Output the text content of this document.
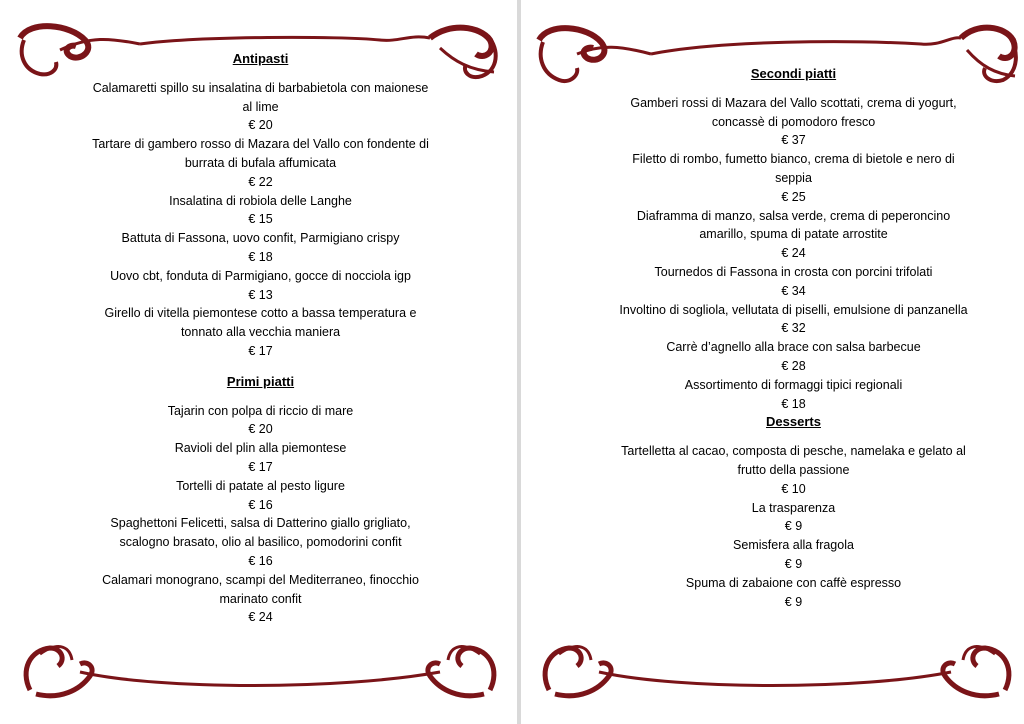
Antipasti
Calamaretti spillo su insalatina di barbabietola con maionese al lime
€ 20
Tartare di gambero rosso di Mazara del Vallo con fondente di burrata di bufala affumicata
€ 22
Insalatina di robiola delle Langhe
€ 15
Battuta di Fassona, uovo confit, Parmigiano crispy
€ 18
Uovo cbt, fonduta di Parmigiano, gocce di nocciola igp
€ 13
Girello di vitella piemontese cotto a bassa temperatura e tonnato alla vecchia maniera
€ 17
Primi piatti
Tajarin con polpa di riccio di mare
€ 20
Ravioli del plin alla piemontese
€ 17
Tortelli di patate al pesto ligure
€ 16
Spaghettoni Felicetti, salsa di Datterino giallo grigliato, scalogno brasato, olio al basilico, pomodorini confit
€ 16
Calamari monograno, scampi del Mediterraneo, finocchio marinato confit
€ 24
Secondi piatti
Gamberi rossi di Mazara del Vallo scottati, crema di yogurt, concassè di pomodoro fresco
€ 37
Filetto di rombo, fumetto bianco, crema di bietole e nero di seppia
€ 25
Diaframma di manzo, salsa verde, crema di peperoncino amarillo, spuma di patate arrostite
€ 24
Tournedos di Fassona in crosta con porcini trifolati
€ 34
Involtino di sogliola, vellutata di piselli, emulsione di panzanella
€ 32
Carrè d’agnello alla brace con salsa barbecue
€ 28
Assortimento di formaggi tipici regionali
€ 18
Desserts
Tartelletta al cacao, composta di pesche, namelaka e gelato al frutto della passione
€ 10
La trasparenza
€ 9
Semisfera alla fragola
€ 9
Spuma di zabaione con caffè espresso
€ 9
